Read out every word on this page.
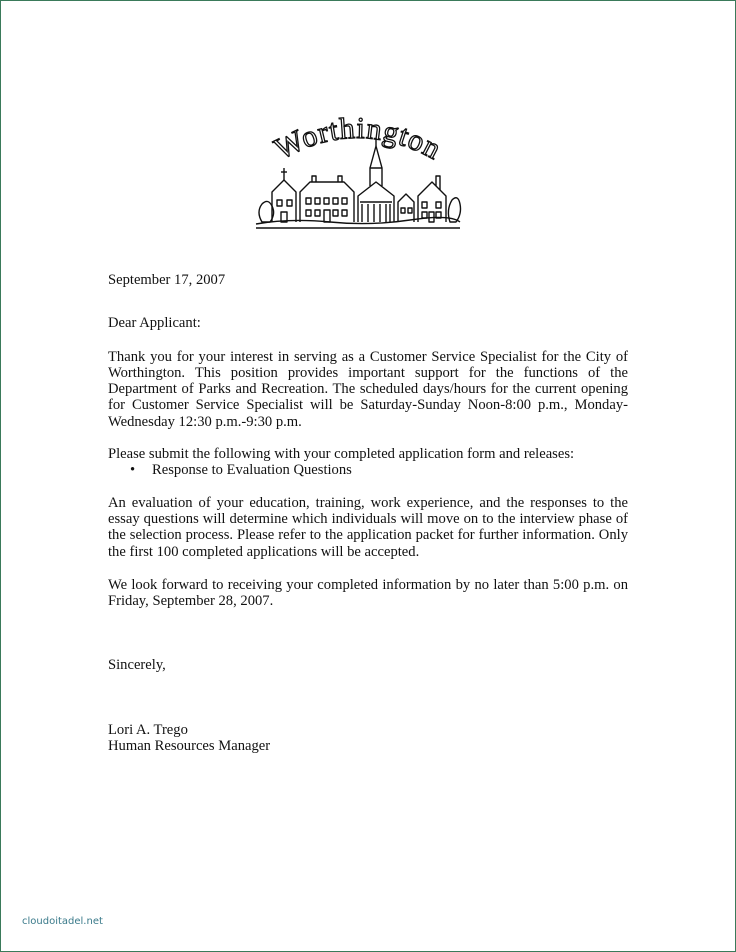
Worthington

September 17, 2007

Dear Applicant:

Thank you for your interest in serving as a Customer Service Specialist for the City of Worthington. This position provides important support for the functions of the Department of Parks and Recreation. The scheduled days/hours for the current opening for Customer Service Specialist will be Saturday-Sunday Noon-8:00 p.m., Monday-Wednesday 12:30 p.m.-9:30 p.m.

Please submit the following with your completed application form and releases:

• Response to Evaluation Questions

An evaluation of your education, training, work experience, and the responses to the essay questions will determine which individuals will move on to the interview phase of the selection process. Please refer to the application packet for further information. Only the first 100 completed applications will be accepted.

We look forward to receiving your completed information by no later than 5:00 p.m. on Friday, September 28, 2007.

Sincerely,

Lori A. Trego

Human Resources Manager

cloudoitadel.net
